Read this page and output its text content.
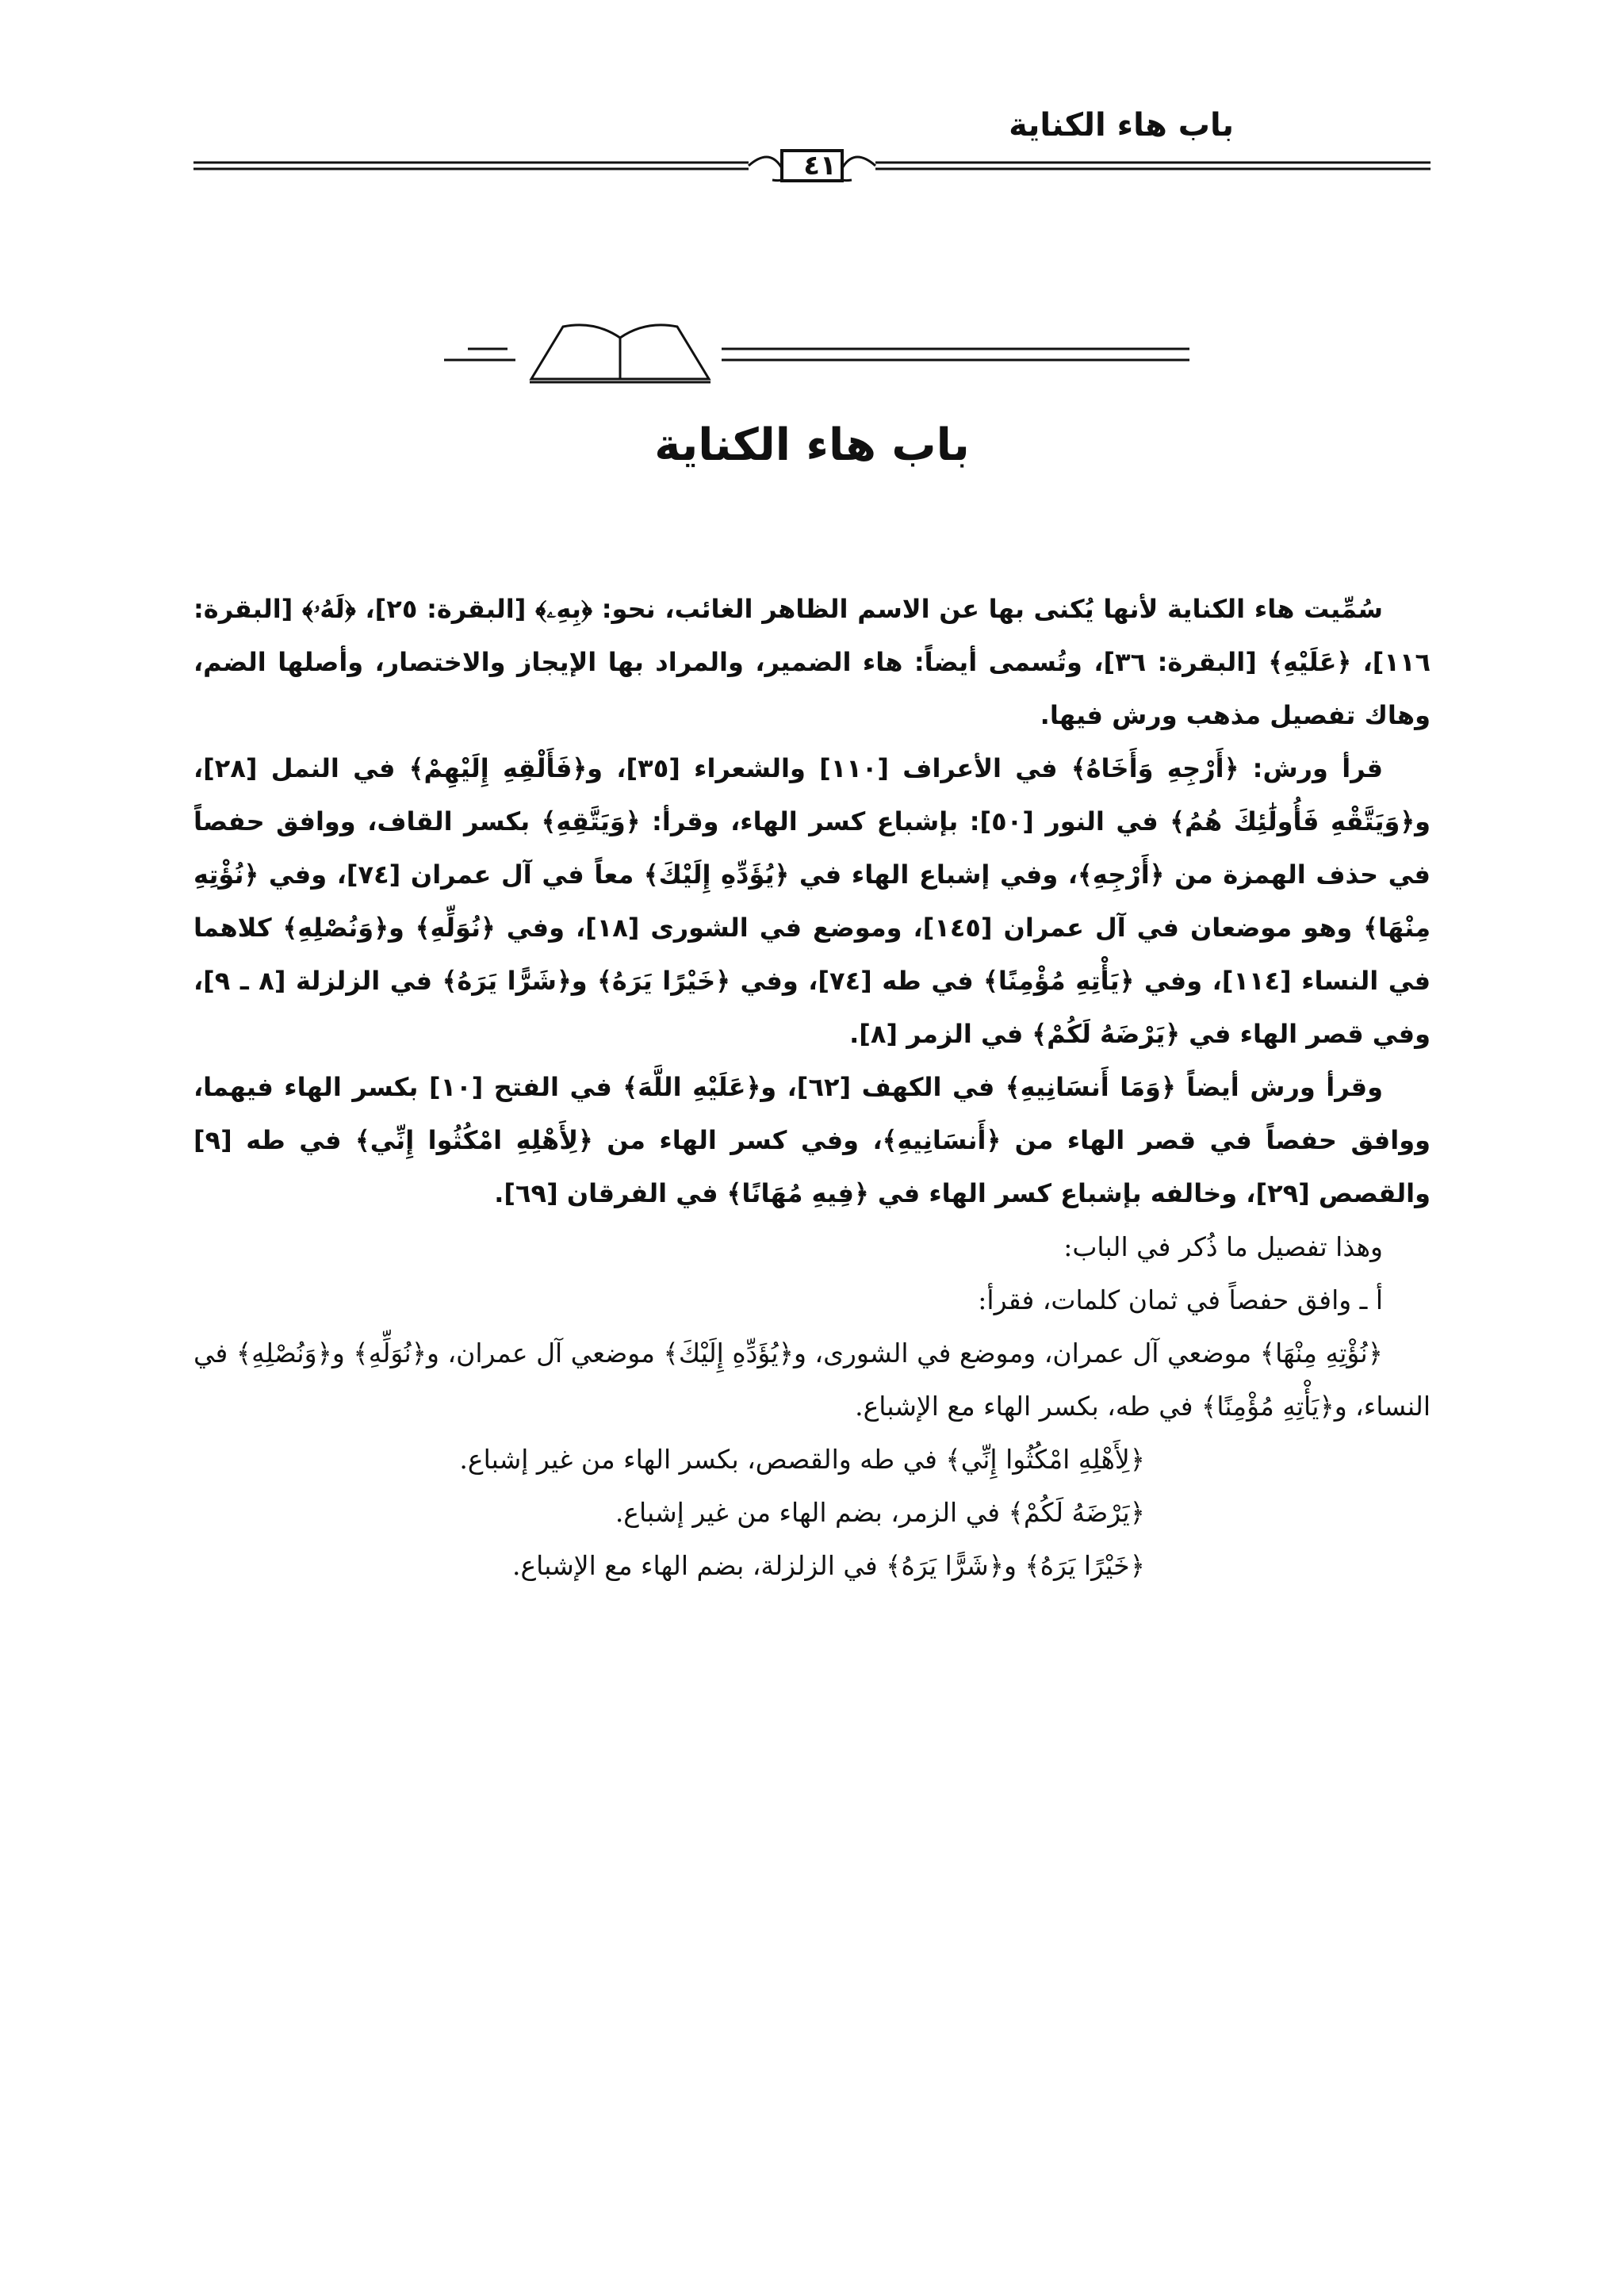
باب هاء الكناية
٤١
باب هاء الكناية

سُمِّيت هاء الكناية لأنها يُكنى بها عن الاسم الظاهر الغائب، نحو: ﴿بِهِۦ﴾ [البقرة: ٢٥]، ﴿لَهُۥ﴾ [البقرة: ١١٦]، ﴿عَلَيْهِ﴾ [البقرة: ٣٦]، وتُسمى أيضاً: هاء الضمير، والمراد بها الإيجاز والاختصار، وأصلها الضم، وهاك تفصيل مذهب ورش فيها.

قرأ ورش: ﴿أَرْجِهِ وَأَخَاهُ﴾ في الأعراف [١١٠] والشعراء [٣٥]، و﴿فَأَلْقِهِ إِلَيْهِمْ﴾ في النمل [٢٨]، و﴿وَيَتَّقْهِ فَأُولَٰئِكَ هُمُ﴾ في النور [٥٠]: بإشباع كسر الهاء، وقرأ: ﴿وَيَتَّقِهِ﴾ بكسر القاف، ووافق حفصاً في حذف الهمزة من ﴿أَرْجِهِ﴾، وفي إشباع الهاء في ﴿يُؤَدِّهِ إِلَيْكَ﴾ معاً في آل عمران [٧٤]، وفي ﴿نُؤْتِهِ مِنْهَا﴾ وهو موضعان في آل عمران [١٤٥]، وموضع في الشورى [١٨]، وفي ﴿نُوَلِّهِ﴾ و﴿وَنُصْلِهِ﴾ كلاهما في النساء [١١٤]، وفي ﴿يَأْتِهِ مُؤْمِنًا﴾ في طه [٧٤]، وفي ﴿خَيْرًا يَرَهُ﴾ و﴿شَرًّا يَرَهُ﴾ في الزلزلة [٨ ـ ٩]، وفي قصر الهاء في ﴿يَرْضَهُ لَكُمْ﴾ في الزمر [٨].

وقرأ ورش أيضاً ﴿وَمَا أَنسَانِيهِ﴾ في الكهف [٦٢]، و﴿عَلَيْهِ اللَّهَ﴾ في الفتح [١٠] بكسر الهاء فيهما، ووافق حفصاً في قصر الهاء من ﴿أَنسَانِيهِ﴾، وفي كسر الهاء من ﴿لِأَهْلِهِ امْكُثُوا إِنِّي﴾ في طه [٩] والقصص [٢٩]، وخالفه بإشباع كسر الهاء في ﴿فِيهِ مُهَانًا﴾ في الفرقان [٦٩].

وهذا تفصيل ما ذُكر في الباب:

أ ـ وافق حفصاً في ثمان كلمات، فقرأ:

﴿نُؤْتِهِ مِنْهَا﴾ موضعي آل عمران، وموضع في الشورى، و﴿يُؤَدِّهِ إِلَيْكَ﴾ موضعي آل عمران، و﴿نُوَلِّهِ﴾ و﴿وَنُصْلِهِ﴾ في النساء، و﴿يَأْتِهِ مُؤْمِنًا﴾ في طه، بكسر الهاء مع الإشباع.

﴿لِأَهْلِهِ امْكُثُوا إِنِّي﴾ في طه والقصص، بكسر الهاء من غير إشباع.

﴿يَرْضَهُ لَكُمْ﴾ في الزمر، بضم الهاء من غير إشباع.

﴿خَيْرًا يَرَهُ﴾ و﴿شَرًّا يَرَهُ﴾ في الزلزلة، بضم الهاء مع الإشباع.
